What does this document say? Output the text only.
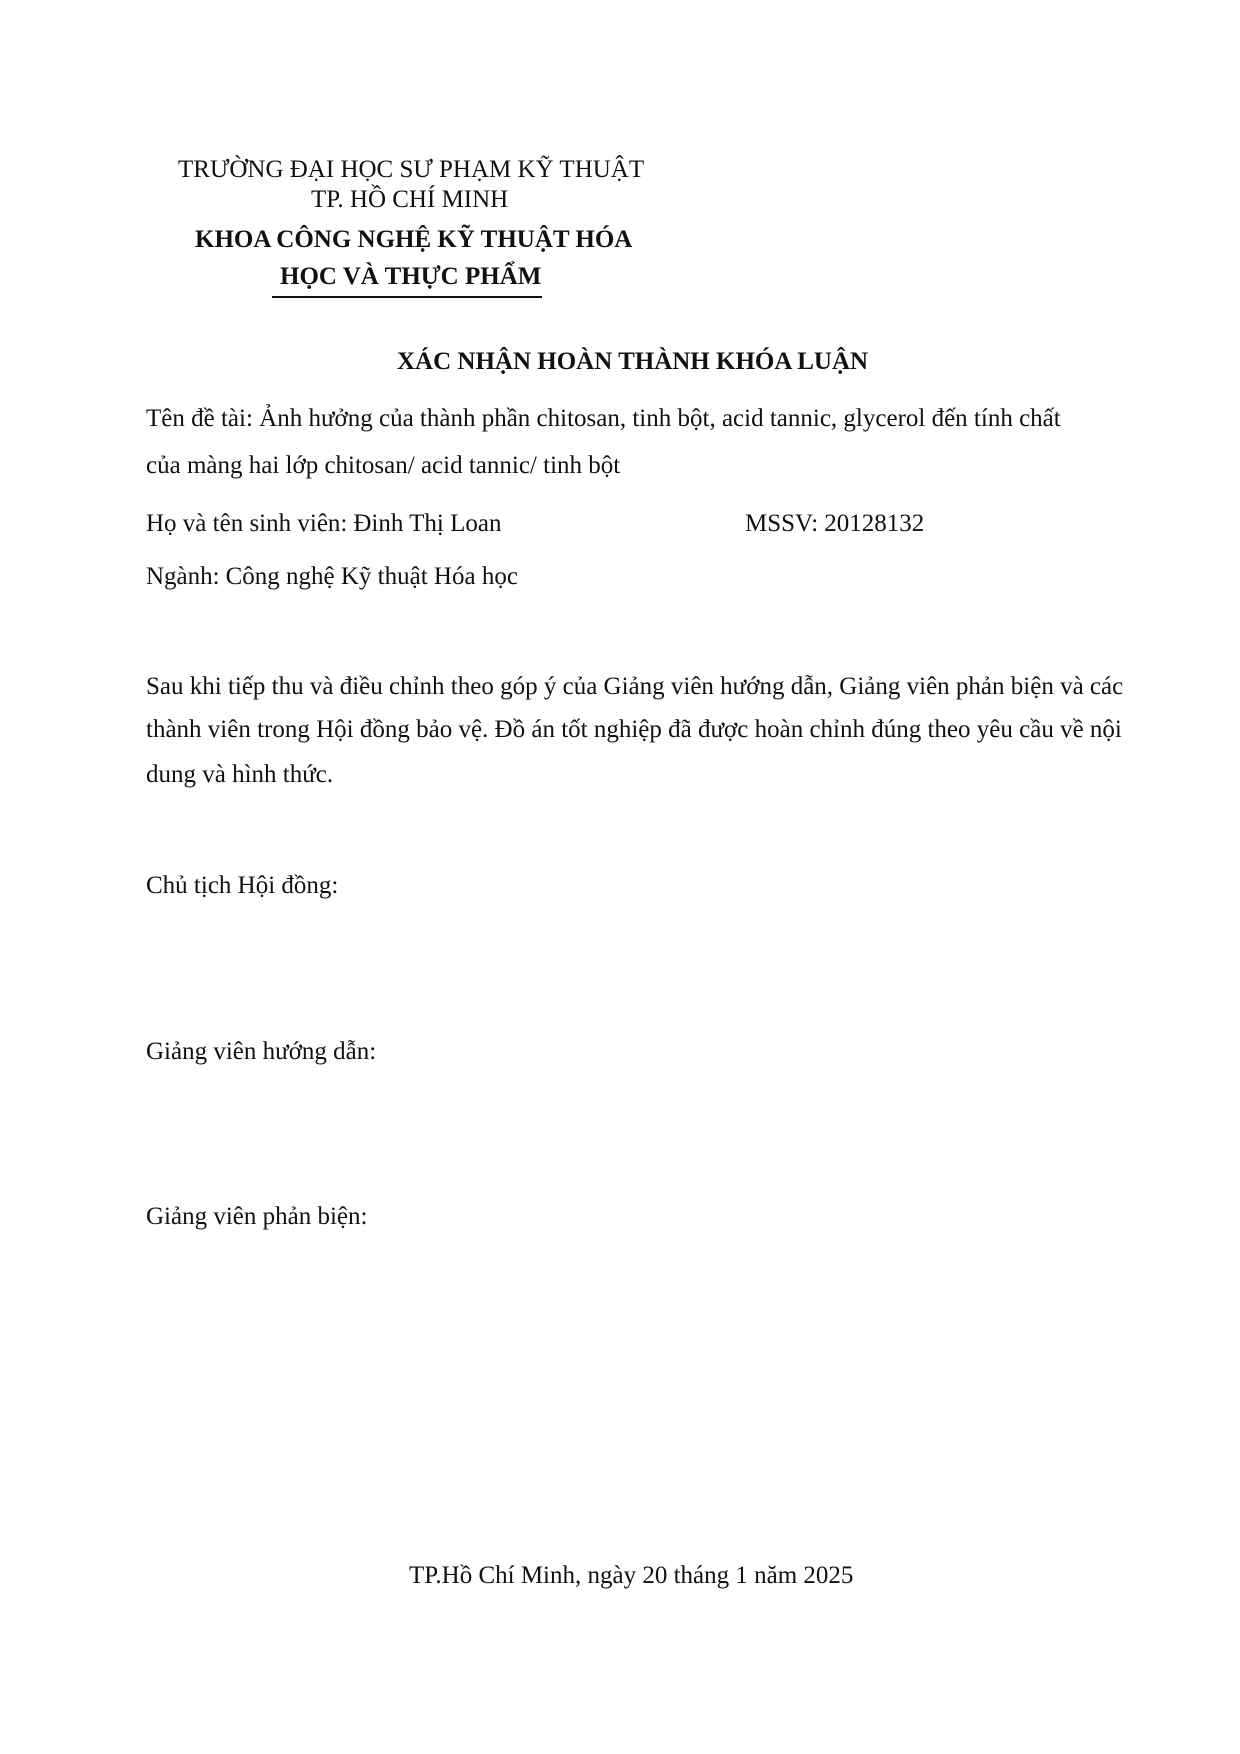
TRƯỜNG ĐẠI HỌC SƯ PHẠM KỸ THUẬT
TP. HỒ CHÍ MINH
KHOA CÔNG NGHỆ KỸ THUẬT HÓA
HỌC VÀ THỰC PHẨM
XÁC NHẬN HOÀN THÀNH KHÓA LUẬN
Tên đề tài: Ảnh hưởng của thành phần chitosan, tinh bột, acid tannic, glycerol đến tính chất
của màng hai lớp chitosan/ acid tannic/ tinh bột
Họ và tên sinh viên: Đinh Thị Loan	MSSV: 20128132
Ngành: Công nghệ Kỹ thuật Hóa học
Sau khi tiếp thu và điều chỉnh theo góp ý của Giảng viên hướng dẫn, Giảng viên phản biện và các
thành viên trong Hội đồng bảo vệ. Đồ án tốt nghiệp đã được hoàn chỉnh đúng theo yêu cầu về nội
dung và hình thức.
Chủ tịch Hội đồng:
Giảng viên hướng dẫn:
Giảng viên phản biện:
TP.Hồ Chí Minh, ngày 20 tháng 1 năm 2025
